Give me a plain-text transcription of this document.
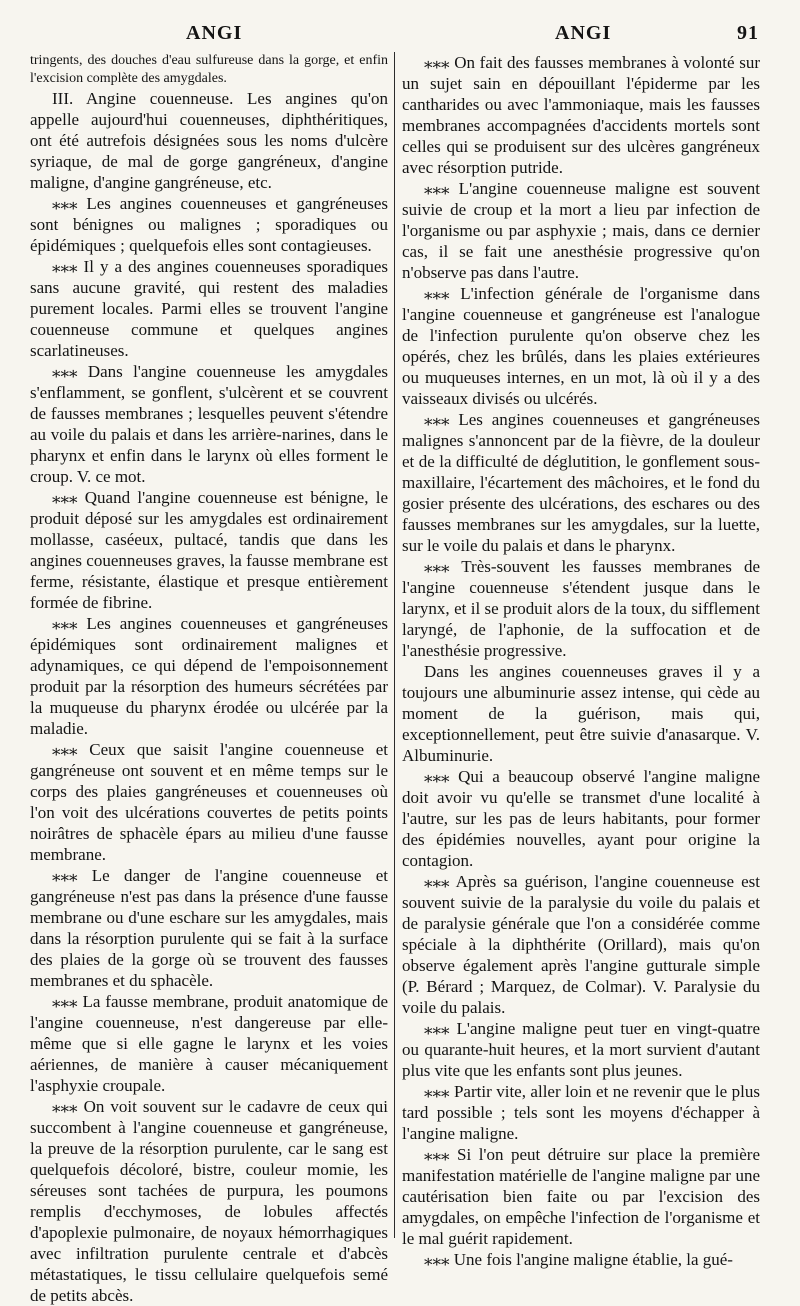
ANGI	ANGI	91

tringents, des douches d'eau sulfureuse dans la gorge, et enfin l'excision complète des amygdales.

III. Angine couenneuse. Les angines qu'on appelle aujourd'hui couenneuses, diphthéritiques, ont été autrefois désignées sous les noms d'ulcère syriaque, de mal de gorge gangréneux, d'angine maligne, d'angine gangréneuse, etc.

⁎⁎⁎ Les angines couenneuses et gangréneuses sont bénignes ou malignes ; sporadiques ou épidémiques ; quelquefois elles sont contagieuses.

⁎⁎⁎ Il y a des angines couenneuses sporadiques sans aucune gravité, qui restent des maladies purement locales. Parmi elles se trouvent l'angine couenneuse commune et quelques angines scarlatineuses.

⁎⁎⁎ Dans l'angine couenneuse les amygdales s'enflamment, se gonflent, s'ulcèrent et se couvrent de fausses membranes ; lesquelles peuvent s'étendre au voile du palais et dans les arrière-narines, dans le pharynx et enfin dans le larynx où elles forment le croup. V. ce mot.

⁎⁎⁎ Quand l'angine couenneuse est bénigne, le produit déposé sur les amygdales est ordinairement mollasse, caséeux, pultacé, tandis que dans les angines couenneuses graves, la fausse membrane est ferme, résistante, élastique et presque entièrement formée de fibrine.

⁎⁎⁎ Les angines couenneuses et gangréneuses épidémiques sont ordinairement malignes et adynamiques, ce qui dépend de l'empoisonnement produit par la résorption des humeurs sécrétées par la muqueuse du pharynx érodée ou ulcérée par la maladie.

⁎⁎⁎ Ceux que saisit l'angine couenneuse et gangréneuse ont souvent et en même temps sur le corps des plaies gangréneuses et couenneuses où l'on voit des ulcérations couvertes de petits points noirâtres de sphacèle épars au milieu d'une fausse membrane.

⁎⁎⁎ Le danger de l'angine couenneuse et gangréneuse n'est pas dans la présence d'une fausse membrane ou d'une eschare sur les amygdales, mais dans la résorption purulente qui se fait à la surface des plaies de la gorge où se trouvent des fausses membranes et du sphacèle.

⁎⁎⁎ La fausse membrane, produit anatomique de l'angine couenneuse, n'est dangereuse par elle-même que si elle gagne le larynx et les voies aériennes, de manière à causer mécaniquement l'asphyxie croupale.

⁎⁎⁎ On voit souvent sur le cadavre de ceux qui succombent à l'angine couenneuse et gangréneuse, la preuve de la résorption purulente, car le sang est quelquefois décoloré, bistre, couleur momie, les séreuses sont tachées de purpura, les poumons remplis d'ecchymoses, de lobules affectés d'apoplexie pulmonaire, de noyaux hémorrhagiques avec infiltration purulente centrale et d'abcès métastatiques, le tissu cellulaire quelquefois semé de petits abcès.

⁎⁎⁎ On fait des fausses membranes à volonté sur un sujet sain en dépouillant l'épiderme par les cantharides ou avec l'ammoniaque, mais les fausses membranes accompagnées d'accidents mortels sont celles qui se produisent sur des ulcères gangréneux avec résorption putride.

⁎⁎⁎ L'angine couenneuse maligne est souvent suivie de croup et la mort a lieu par infection de l'organisme ou par asphyxie ; mais, dans ce dernier cas, il se fait une anesthésie progressive qu'on n'observe pas dans l'autre.

⁎⁎⁎ L'infection générale de l'organisme dans l'angine couenneuse et gangréneuse est l'analogue de l'infection purulente qu'on observe chez les opérés, chez les brûlés, dans les plaies extérieures ou muqueuses internes, en un mot, là où il y a des vaisseaux divisés ou ulcérés.

⁎⁎⁎ Les angines couenneuses et gangréneuses malignes s'annoncent par de la fièvre, de la douleur et de la difficulté de déglutition, le gonflement sous-maxillaire, l'écartement des mâchoires, et le fond du gosier présente des ulcérations, des eschares ou des fausses membranes sur les amygdales, sur la luette, sur le voile du palais et dans le pharynx.

⁎⁎⁎ Très-souvent les fausses membranes de l'angine couenneuse s'étendent jusque dans le larynx, et il se produit alors de la toux, du sifflement laryngé, de l'aphonie, de la suffocation et de l'anesthésie progressive.

Dans les angines couenneuses graves il y a toujours une albuminurie assez intense, qui cède au moment de la guérison, mais qui, exceptionnellement, peut être suivie d'anasarque. V. Albuminurie.

⁎⁎⁎ Qui a beaucoup observé l'angine maligne doit avoir vu qu'elle se transmet d'une localité à l'autre, sur les pas de leurs habitants, pour former des épidémies nouvelles, ayant pour origine la contagion.

⁎⁎⁎ Après sa guérison, l'angine couenneuse est souvent suivie de la paralysie du voile du palais et de paralysie générale que l'on a considérée comme spéciale à la diphthérite (Orillard), mais qu'on observe également après l'angine gutturale simple (P. Bérard ; Marquez, de Colmar). V. Paralysie du voile du palais.

⁎⁎⁎ L'angine maligne peut tuer en vingt-quatre ou quarante-huit heures, et la mort survient d'autant plus vite que les enfants sont plus jeunes.

⁎⁎⁎ Partir vite, aller loin et ne revenir que le plus tard possible ; tels sont les moyens d'échapper à l'angine maligne.

⁎⁎⁎ Si l'on peut détruire sur place la première manifestation matérielle de l'angine maligne par une cautérisation bien faite ou par l'excision des amygdales, on empêche l'infection de l'organisme et le mal guérit rapidement.

⁎⁎⁎ Une fois l'angine maligne établie, la gué-
